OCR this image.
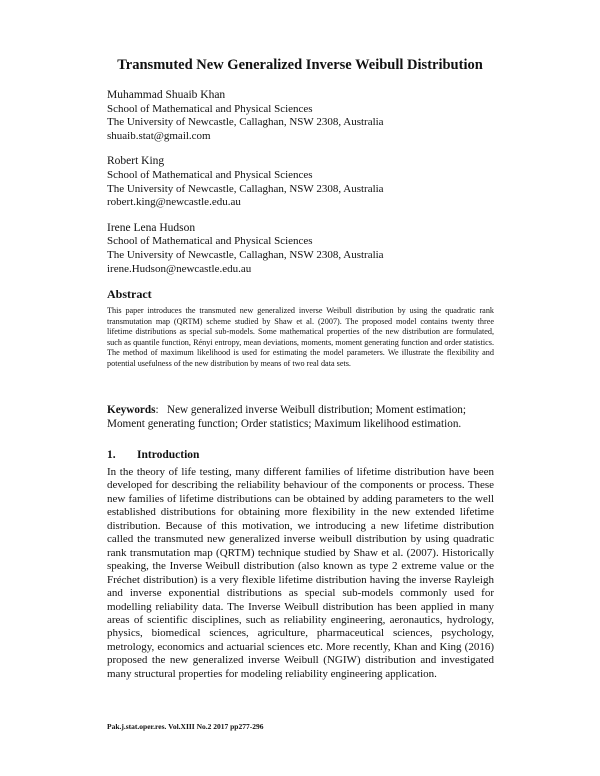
Transmuted New Generalized Inverse Weibull Distribution
Muhammad Shuaib Khan
School of Mathematical and Physical Sciences
The University of Newcastle, Callaghan, NSW 2308, Australia
shuaib.stat@gmail.com
Robert King
School of Mathematical and Physical Sciences
The University of Newcastle, Callaghan, NSW 2308, Australia
robert.king@newcastle.edu.au
Irene Lena Hudson
School of Mathematical and Physical Sciences
The University of Newcastle, Callaghan, NSW 2308, Australia
irene.Hudson@newcastle.edu.au
Abstract

This paper introduces the transmuted new generalized inverse Weibull distribution by using the quadratic rank transmutation map (QRTM) scheme studied by Shaw et al. (2007). The proposed model contains twenty three lifetime distributions as special sub-models. Some mathematical properties of the new distribution are formulated, such as quantile function, Rényi entropy, mean deviations, moments, moment generating function and order statistics. The method of maximum likelihood is used for estimating the model parameters. We illustrate the flexibility and potential usefulness of the new distribution by means of two real data sets.

Keywords: New generalized inverse Weibull distribution; Moment estimation; Moment generating function; Order statistics; Maximum likelihood estimation.

1. Introduction

In the theory of life testing, many different families of lifetime distribution have been developed for describing the reliability behaviour of the components or process. These new families of lifetime distributions can be obtained by adding parameters to the well established distributions for obtaining more flexibility in the new extended lifetime distribution. Because of this motivation, we introducing a new lifetime distribution called the transmuted new generalized inverse weibull distribution by using quadratic rank transmutation map (QRTM) technique studied by Shaw et al. (2007). Historically speaking, the Inverse Weibull distribution (also known as type 2 extreme value or the Fréchet distribution) is a very flexible lifetime distribution having the inverse Rayleigh and inverse exponential distributions as special sub-models commonly used for modelling reliability data. The Inverse Weibull distribution has been applied in many areas of scientific disciplines, such as reliability engineering, aeronautics, hydrology, physics, biomedical sciences, agriculture, pharmaceutical sciences, psychology, metrology, economics and actuarial sciences etc. More recently, Khan and King (2016) proposed the new generalized inverse Weibull (NGIW) distribution and investigated many structural properties for modeling reliability engineering application.

Pak.j.stat.oper.res. Vol.XIII No.2 2017 pp277-296
